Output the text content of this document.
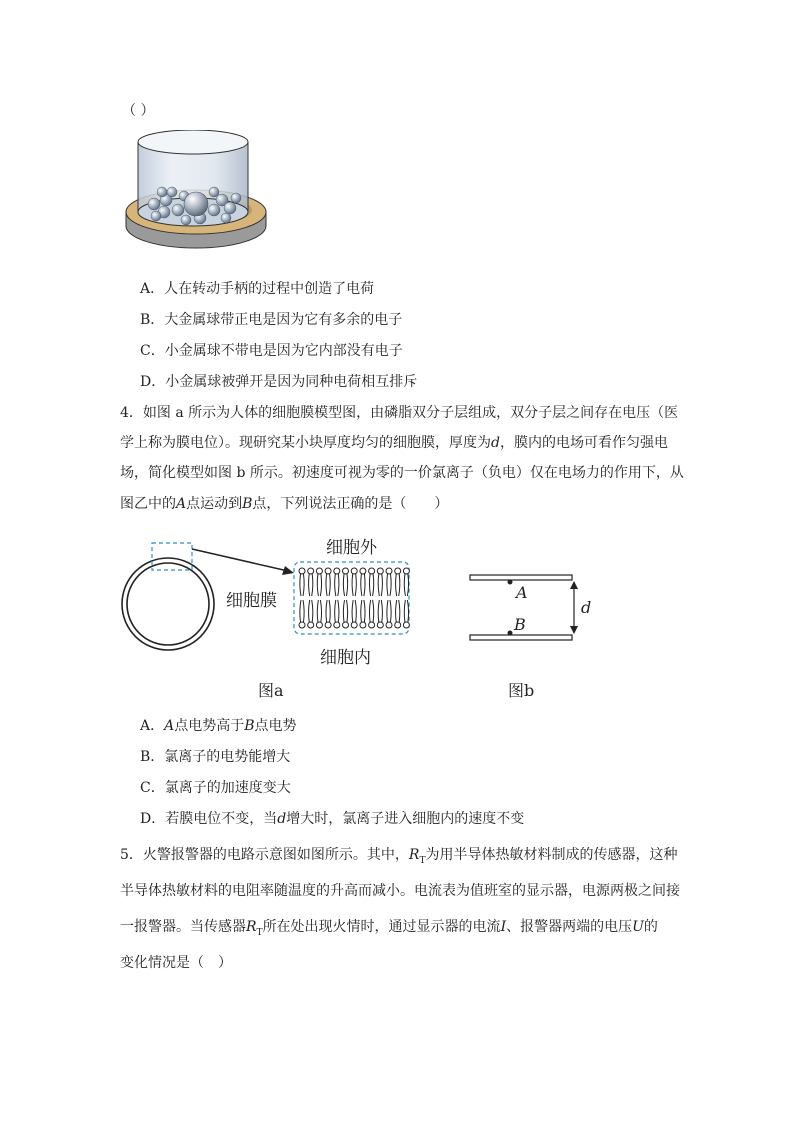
（ ）
A．人在转动手柄的过程中创造了电荷
B．大金属球带正电是因为它有多余的电子
C．小金属球不带电是因为它内部没有电子
D．小金属球被弹开是因为同种电荷相互排斥
4．如图 a 所示为人体的细胞膜模型图，由磷脂双分子层组成，双分子层之间存在电压（医
学上称为膜电位）。现研究某小块厚度均匀的细胞膜，厚度为d，膜内的电场可看作匀强电
场，简化模型如图 b 所示。初速度可视为零的一价氯离子（负电）仅在电场力的作用下，从
图乙中的A点运动到B点，下列说法正确的是（　　）
细胞外
细胞膜
细胞内
图a
A
B
d
图b
A．A点电势高于B点电势
B．氯离子的电势能增大
C．氯离子的加速度变大
D．若膜电位不变，当d增大时，氯离子进入细胞内的速度不变
5．火警报警器的电路示意图如图所示。其中，$R_T$为用半导体热敏材料制成的传感器，这种
半导体热敏材料的电阻率随温度的升高而减小。电流表为值班室的显示器，电源两极之间接
一报警器。当传感器$R_T$所在处出现火情时，通过显示器的电流I、报警器两端的电压U的
变化情况是（　）
